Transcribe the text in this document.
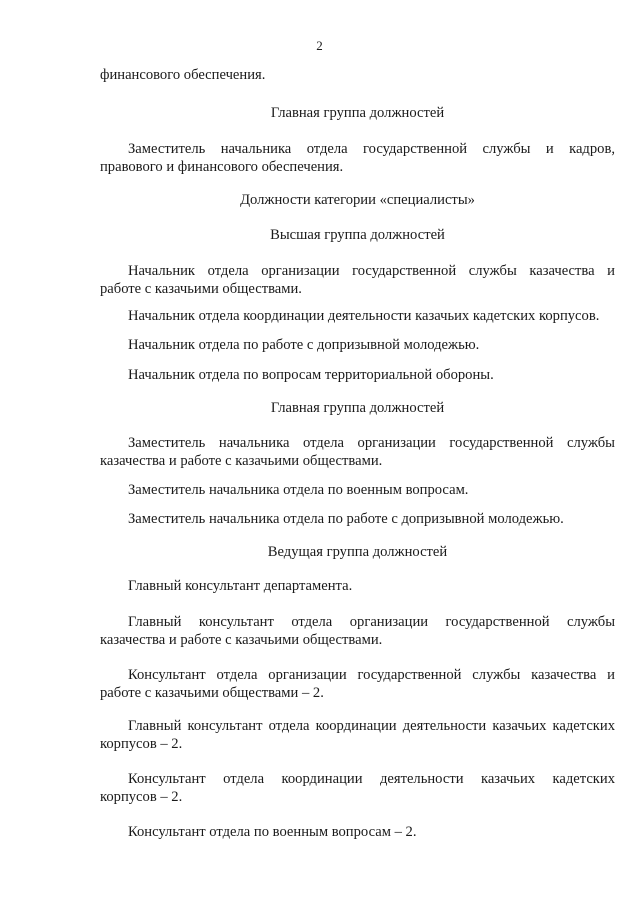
2
финансового обеспечения.
Главная группа должностей
Заместитель начальника отдела государственной службы и кадров,
правового и финансового обеспечения.
Должности категории «специалисты»
Высшая группа должностей
Начальник отдела организации государственной службы казачества и
работе с казачьими обществами.
Начальник отдела координации деятельности казачьих кадетских корпусов.
Начальник отдела по работе с допризывной молодежью.
Начальник отдела по вопросам территориальной обороны.
Главная группа должностей
Заместитель начальника отдела организации государственной службы
казачества и работе с казачьими обществами.
Заместитель начальника отдела по военным вопросам.
Заместитель начальника отдела по работе с допризывной молодежью.
Ведущая группа должностей
Главный консультант департамента.
Главный консультант отдела организации государственной службы
казачества и работе с казачьими обществами.
Консультант отдела организации государственной службы казачества и
работе с казачьими обществами – 2.
Главный консультант отдела координации деятельности казачьих кадетских
корпусов – 2.
Консультант отдела координации деятельности казачьих кадетских
корпусов – 2.
Консультант отдела по военным вопросам – 2.
